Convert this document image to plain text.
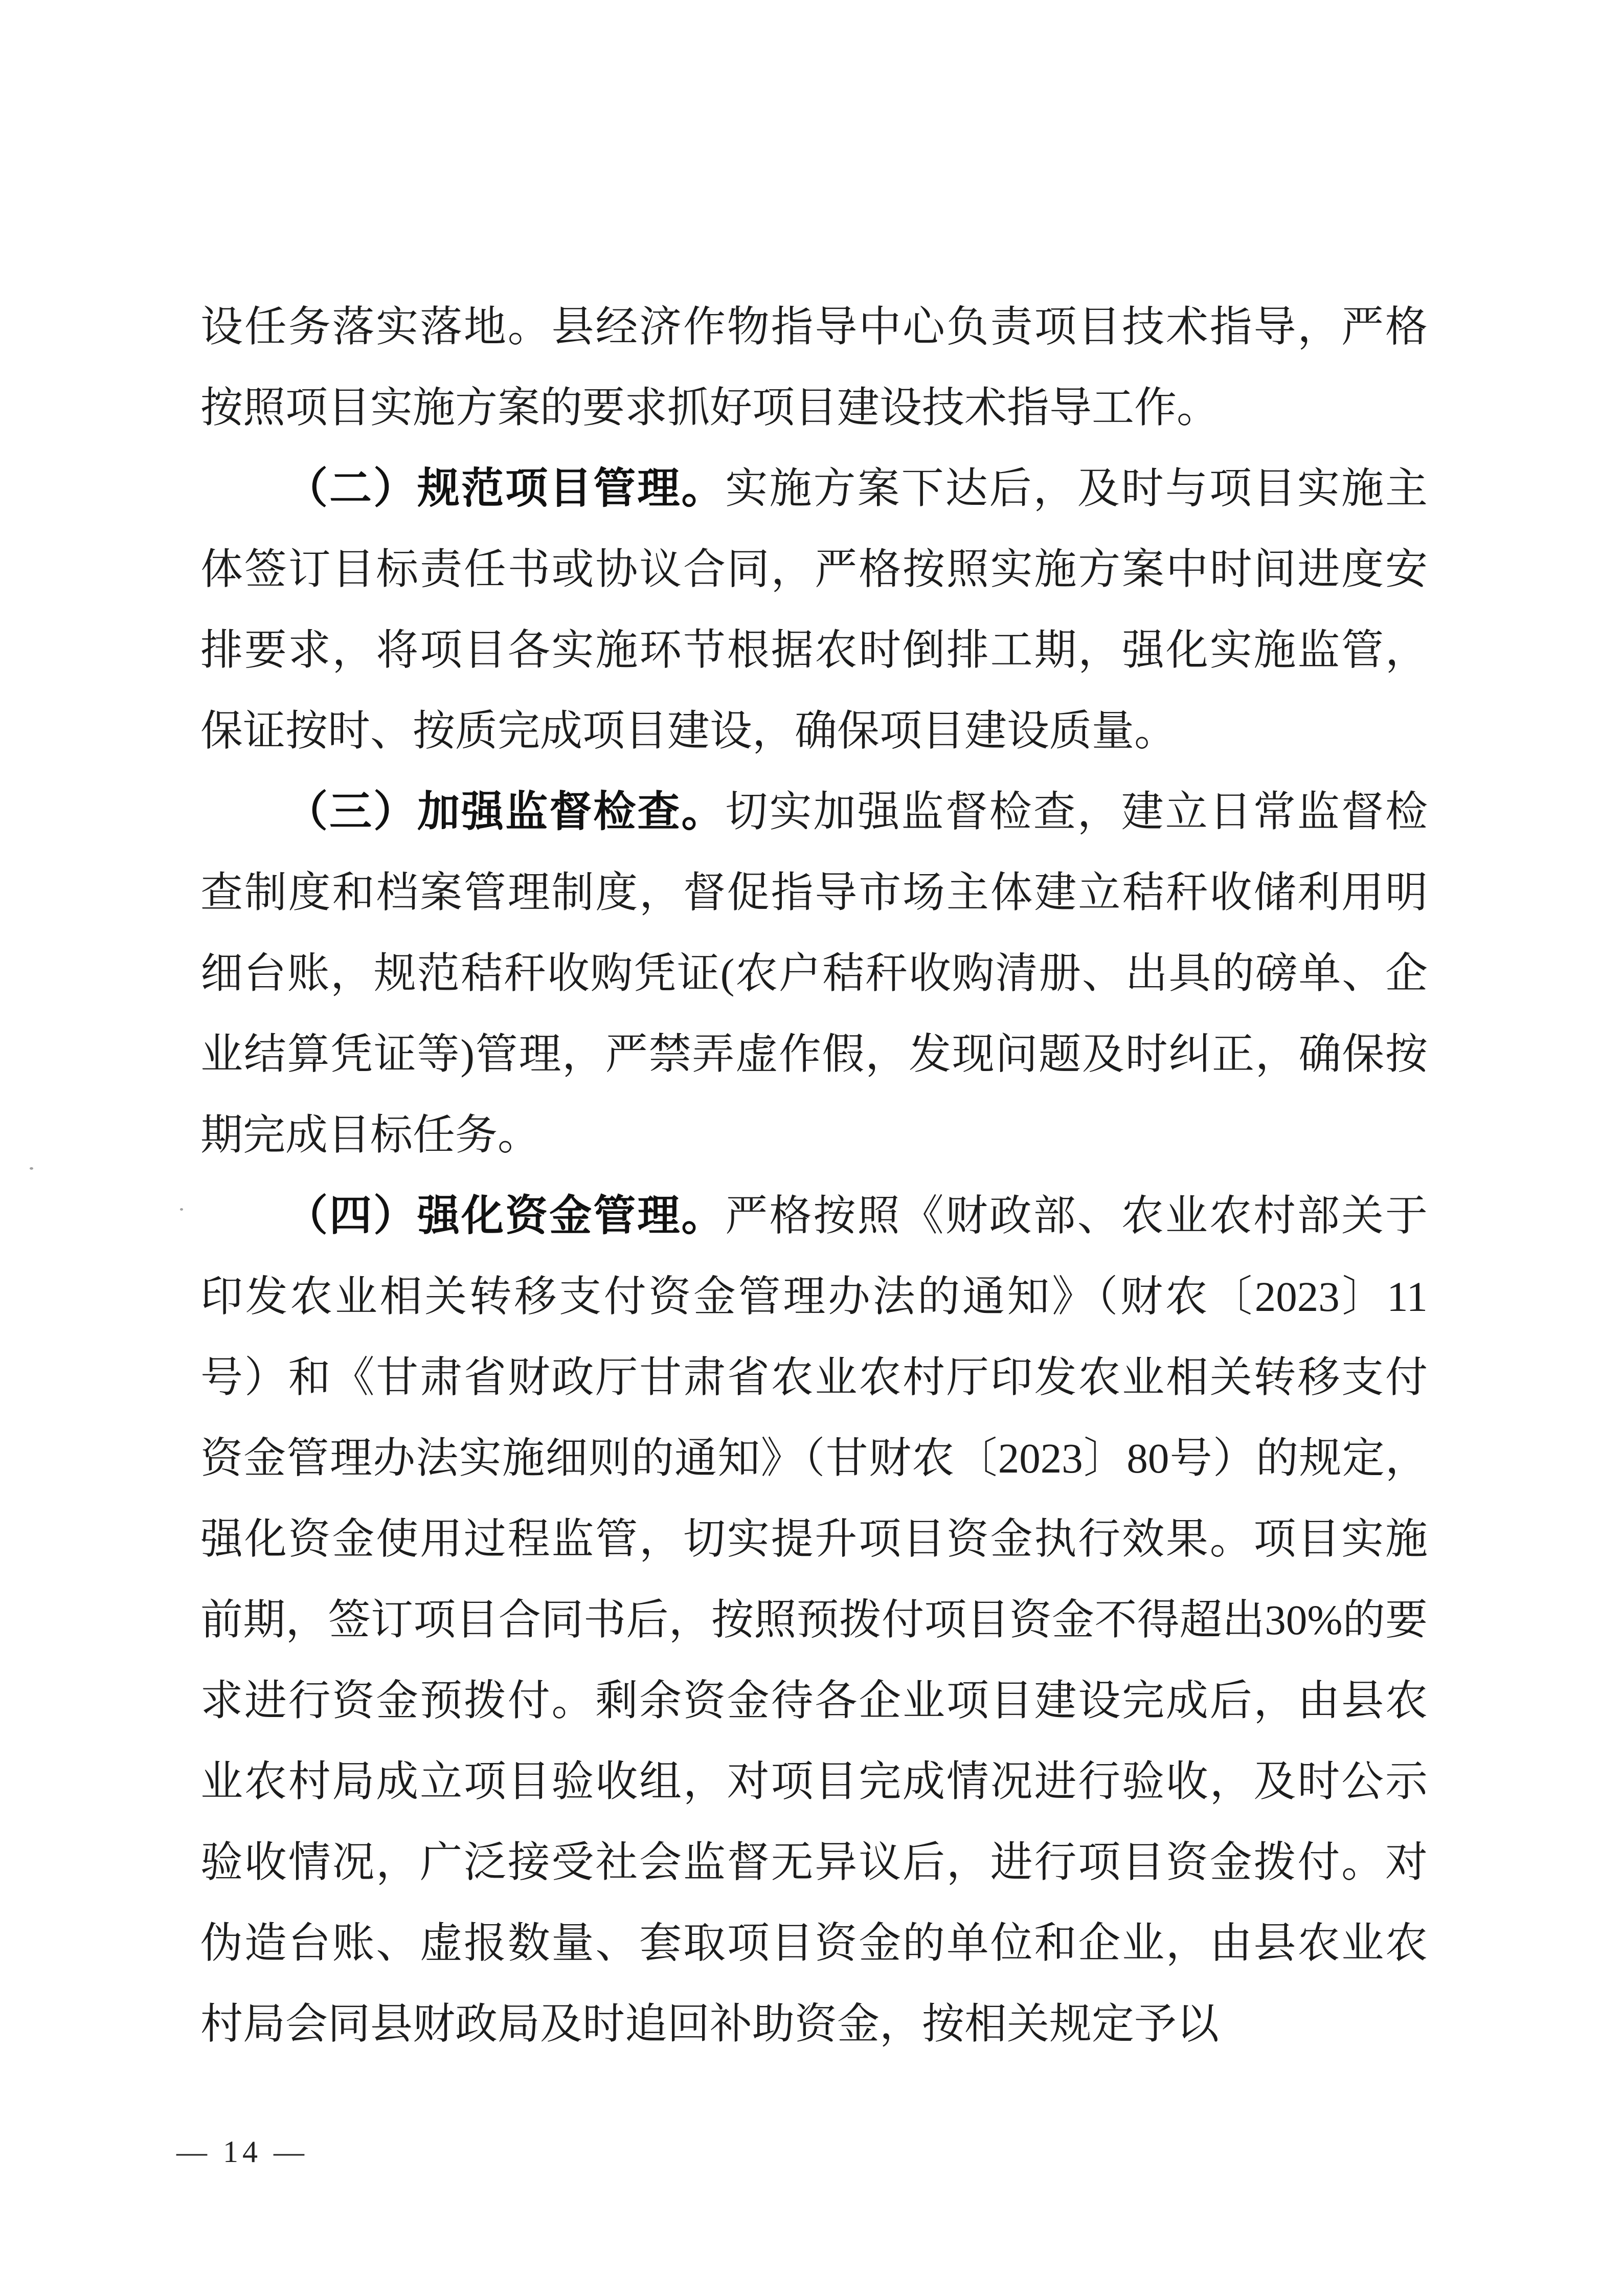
设任务落实落地。县经济作物指导中心负责项目技术指导，严格按照项目实施方案的要求抓好项目建设技术指导工作。

（二）规范项目管理。实施方案下达后，及时与项目实施主体签订目标责任书或协议合同，严格按照实施方案中时间进度安排要求，将项目各实施环节根据农时倒排工期，强化实施监管，保证按时、按质完成项目建设，确保项目建设质量。

（三）加强监督检查。切实加强监督检查，建立日常监督检查制度和档案管理制度，督促指导市场主体建立秸秆收储利用明细台账，规范秸秆收购凭证(农户秸秆收购清册、出具的磅单、企业结算凭证等)管理，严禁弄虚作假，发现问题及时纠正，确保按期完成目标任务。

（四）强化资金管理。严格按照《财政部、农业农村部关于印发农业相关转移支付资金管理办法的通知》（财农〔2023〕11号）和《甘肃省财政厅甘肃省农业农村厅印发农业相关转移支付资金管理办法实施细则的通知》（甘财农〔2023〕80号）的规定，强化资金使用过程监管，切实提升项目资金执行效果。项目实施前期，签订项目合同书后，按照预拨付项目资金不得超出30%的要求进行资金预拨付。剩余资金待各企业项目建设完成后，由县农业农村局成立项目验收组，对项目完成情况进行验收，及时公示验收情况，广泛接受社会监督无异议后，进行项目资金拨付。对伪造台账、虚报数量、套取项目资金的单位和企业，由县农业农村局会同县财政局及时追回补助资金，按相关规定予以

— 14 —
